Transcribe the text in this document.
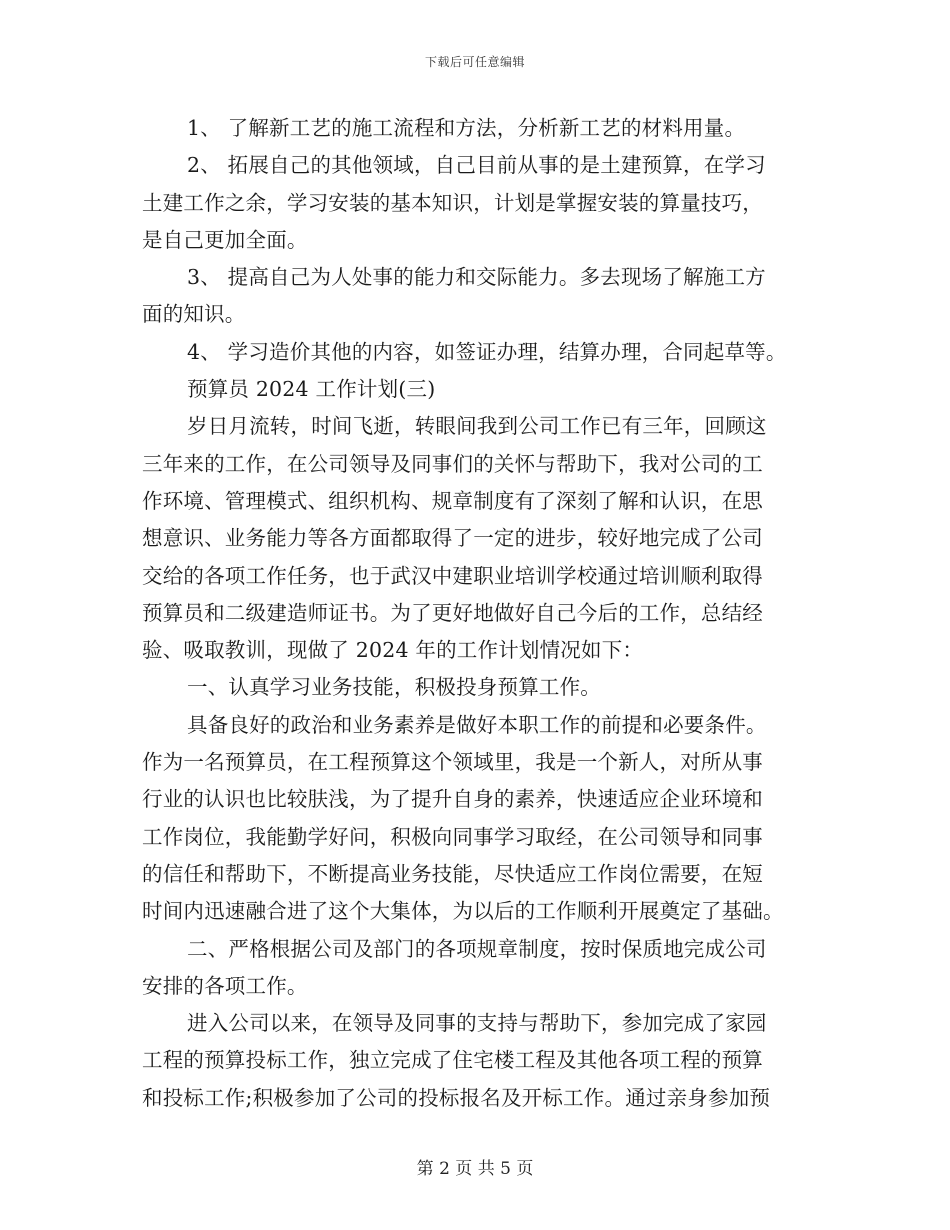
下载后可任意编辑
1、 了解新工艺的施工流程和方法，分析新工艺的材料用量。
2、 拓展自己的其他领域，自己目前从事的是土建预算，在学习
土建工作之余，学习安装的基本知识，计划是掌握安装的算量技巧，
是自己更加全面。
3、 提高自己为人处事的能力和交际能力。多去现场了解施工方
面的知识。
4、 学习造价其他的内容，如签证办理，结算办理，合同起草等。
预算员 2024 工作计划(三)
岁日月流转，时间飞逝，转眼间我到公司工作已有三年，回顾这
三年来的工作，在公司领导及同事们的关怀与帮助下，我对公司的工
作环境、管理模式、组织机构、规章制度有了深刻了解和认识，在思
想意识、业务能力等各方面都取得了一定的进步，较好地完成了公司
交给的各项工作任务，也于武汉中建职业培训学校通过培训顺利取得
预算员和二级建造师证书。为了更好地做好自己今后的工作，总结经
验、吸取教训，现做了 2024 年的工作计划情况如下：
一、认真学习业务技能，积极投身预算工作。
具备良好的政治和业务素养是做好本职工作的前提和必要条件。
作为一名预算员，在工程预算这个领域里，我是一个新人，对所从事
行业的认识也比较肤浅，为了提升自身的素养，快速适应企业环境和
工作岗位，我能勤学好问，积极向同事学习取经，在公司领导和同事
的信任和帮助下，不断提高业务技能，尽快适应工作岗位需要，在短
时间内迅速融合进了这个大集体，为以后的工作顺利开展奠定了基础。
二、严格根据公司及部门的各项规章制度，按时保质地完成公司
安排的各项工作。
进入公司以来，在领导及同事的支持与帮助下，参加完成了家园
工程的预算投标工作，独立完成了住宅楼工程及其他各项工程的预算
和投标工作;积极参加了公司的投标报名及开标工作。通过亲身参加预
第 2 页 共 5 页
